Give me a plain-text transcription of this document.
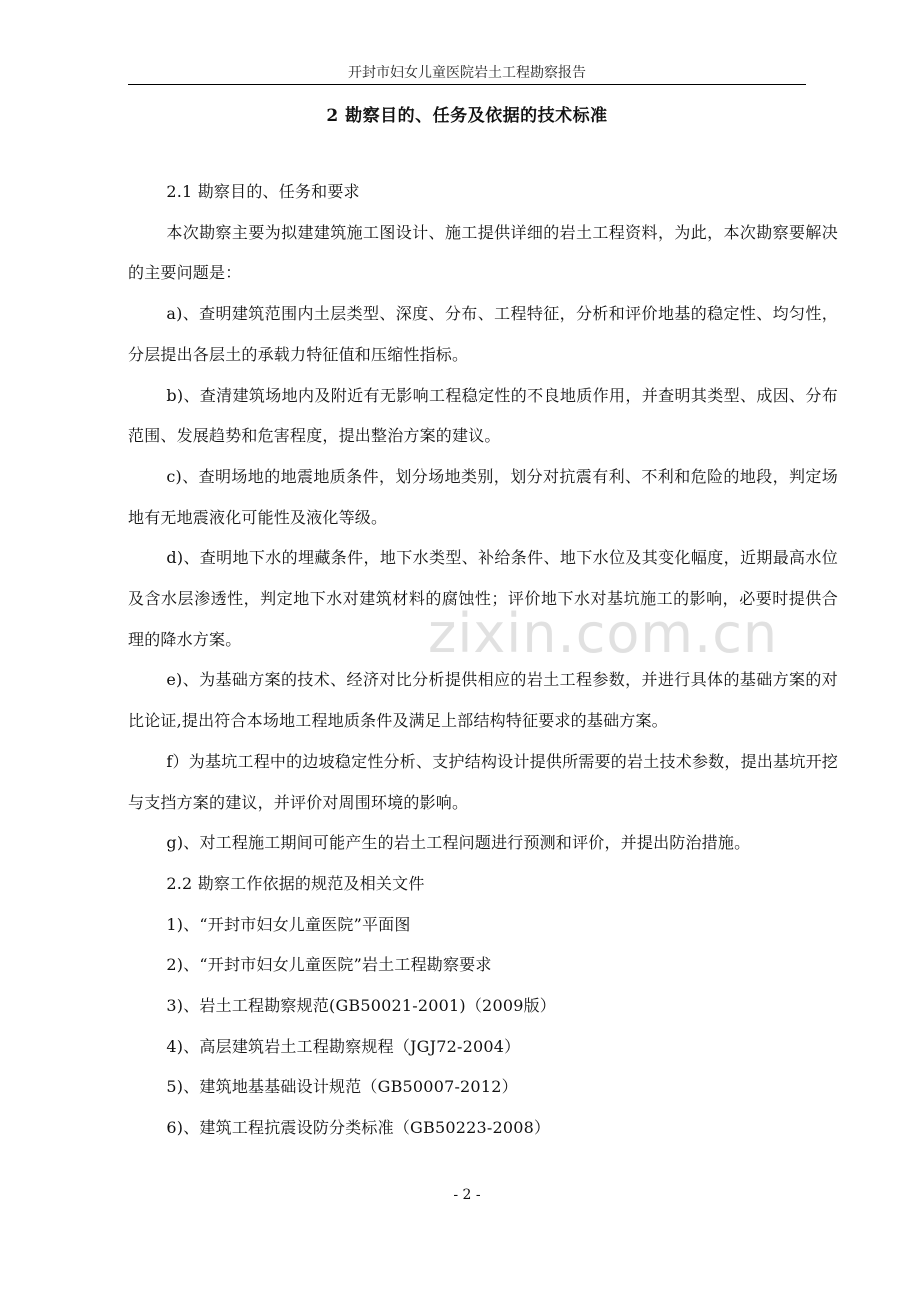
开封市妇女儿童医院岩土工程勘察报告
2 勘察目的、任务及依据的技术标准

2.1 勘察目的、任务和要求

本次勘察主要为拟建建筑施工图设计、施工提供详细的岩土工程资料，为此，本次勘察要解决的主要问题是：

a)、查明建筑范围内土层类型、深度、分布、工程特征，分析和评价地基的稳定性、均匀性，分层提出各层土的承载力特征值和压缩性指标。

b)、查清建筑场地内及附近有无影响工程稳定性的不良地质作用，并查明其类型、成因、分布范围、发展趋势和危害程度，提出整治方案的建议。

c)、查明场地的地震地质条件，划分场地类别，划分对抗震有利、不利和危险的地段，判定场地有无地震液化可能性及液化等级。

d)、查明地下水的埋藏条件，地下水类型、补给条件、地下水位及其变化幅度，近期最高水位及含水层渗透性，判定地下水对建筑材料的腐蚀性；评价地下水对基坑施工的影响，必要时提供合理的降水方案。

e)、为基础方案的技术、经济对比分析提供相应的岩土工程参数，并进行具体的基础方案的对比论证,提出符合本场地工程地质条件及满足上部结构特征要求的基础方案。

f）为基坑工程中的边坡稳定性分析、支护结构设计提供所需要的岩土技术参数，提出基坑开挖与支挡方案的建议，并评价对周围环境的影响。

g)、对工程施工期间可能产生的岩土工程问题进行预测和评价，并提出防治措施。

2.2 勘察工作依据的规范及相关文件

1)、“开封市妇女儿童医院”平面图

2)、“开封市妇女儿童医院”岩土工程勘察要求

3)、岩土工程勘察规范(GB50021-2001)（2009版）

4)、高层建筑岩土工程勘察规程（JGJ72-2004）

5)、建筑地基基础设计规范（GB50007-2012）

6)、建筑工程抗震设防分类标准（GB50223-2008）

zixin.com.cn
- 2 -
